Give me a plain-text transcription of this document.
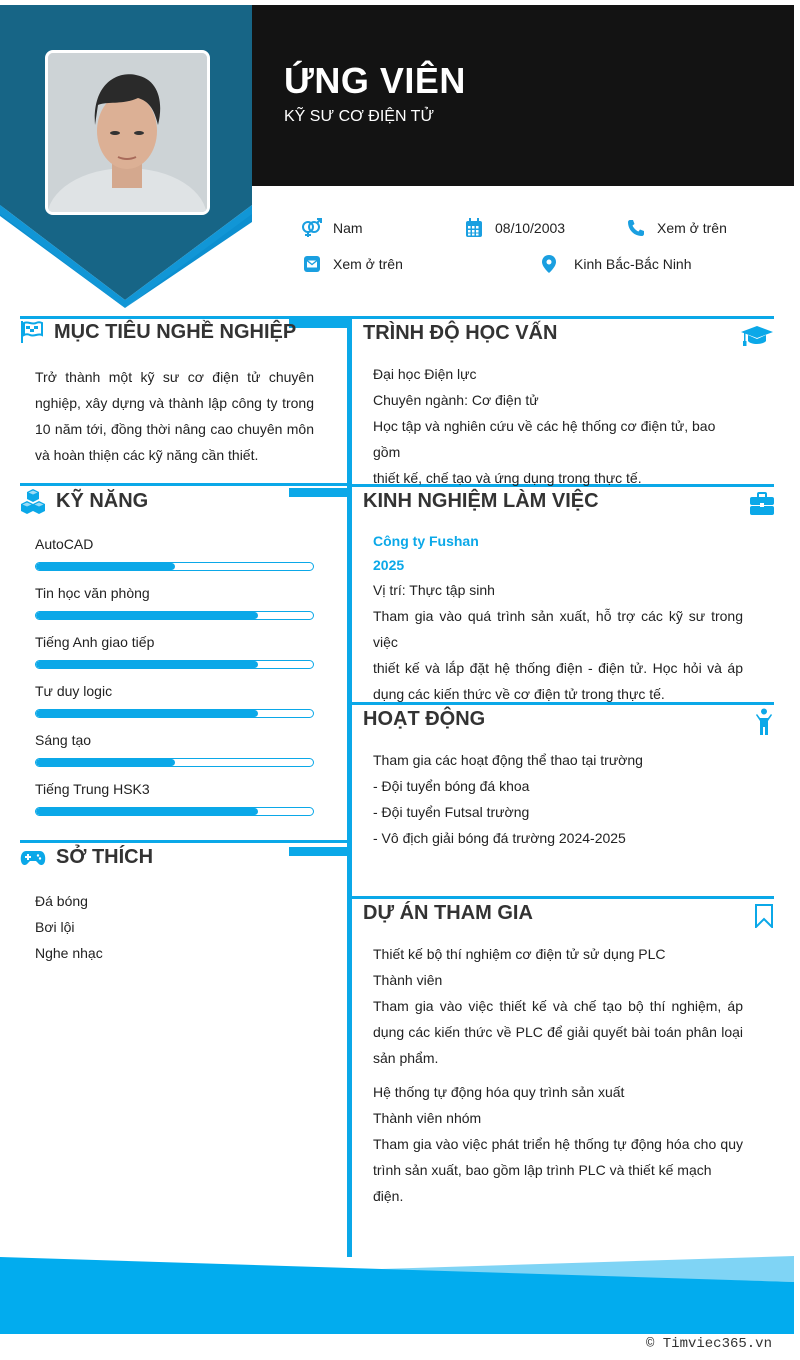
ỨNG VIÊN
KỸ SƯ CƠ ĐIỆN TỬ
Nam	08/10/2003	Xem ở trên
Xem ở trên	Kinh Bắc-Bắc Ninh
MỤC TIÊU NGHỀ NGHIỆP
Trở thành một kỹ sư cơ điện tử chuyên
nghiệp, xây dựng và thành lập công ty trong
10 năm tới, đồng thời nâng cao chuyên môn
và hoàn thiện các kỹ năng cần thiết.
KỸ NĂNG
AutoCAD
Tin học văn phòng
Tiếng Anh giao tiếp
Tư duy logic
Sáng tạo
Tiếng Trung HSK3
SỞ THÍCH
Đá bóng
Bơi lội
Nghe nhạc
TRÌNH ĐỘ HỌC VẤN
Đại học Điện lực
Chuyên ngành: Cơ điện tử
Học tập và nghiên cứu về các hệ thống cơ điện tử, bao gồm
thiết kế, chế tạo và ứng dụng trong thực tế.
KINH NGHIỆM LÀM VIỆC
Công ty Fushan
2025
Vị trí: Thực tập sinh
Tham gia vào quá trình sản xuất, hỗ trợ các kỹ sư trong việc
thiết kế và lắp đặt hệ thống điện - điện tử. Học hỏi và áp
dụng các kiến thức về cơ điện tử trong thực tế.
HOẠT ĐỘNG
Tham gia các hoạt động thể thao tại trường
- Đội tuyển bóng đá khoa
- Đội tuyển Futsal trường
- Vô địch giải bóng đá trường 2024-2025
DỰ ÁN THAM GIA
Thiết kế bộ thí nghiệm cơ điện tử sử dụng PLC
Thành viên
Tham gia vào việc thiết kế và chế tạo bộ thí nghiệm, áp
dụng các kiến thức về PLC để giải quyết bài toán phân loại
sản phẩm.
Hệ thống tự động hóa quy trình sản xuất
Thành viên nhóm
Tham gia vào việc phát triển hệ thống tự động hóa cho quy
trình sản xuất, bao gồm lập trình PLC và thiết kế mạch điện.
© Timviec365.vn
